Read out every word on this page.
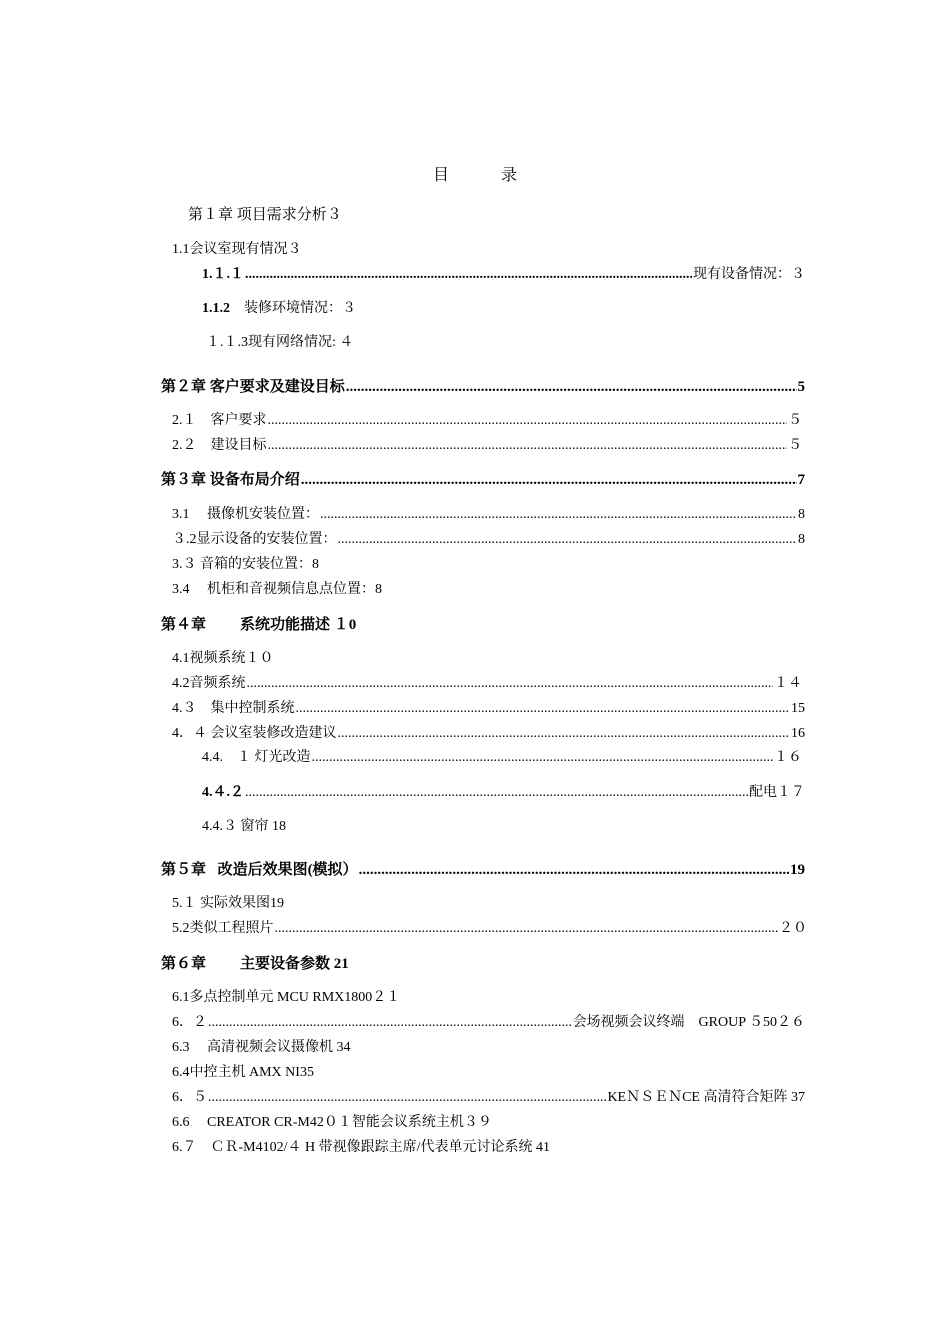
目	录
第１章 项目需求分析３
1.1会议室现有情况３
1.１.１ .....	现有设备情况：３
1.1.2 装修环境情况：３
１.１.3现有网络情况: ４
第２章 客户要求及建设目标 .....	5
2.１　客户要求 .....	５
2.２　建设目标 .....	５
第３章 设备布局介绍 .....	7
3.1　 摄像机安装位置： .....	8
３.2显示设备的安装位置： .....	8
3.３ 音箱的安装位置：8
3.4　 机柜和音视频信息点位置：8
第４章 系统功能描述 １0
4.1视频系统１０
4.2音频系统 .....	１４
4.３　集中控制系统 .....	15
4．４ 会议室装修改造建议 .....	16
4.4.　１ 灯光改造 .....	１６
4.４.２ .....	配电１７
4.4.３ 窗帘 18
第５章 改造后效果图(模拟） .....	19
5.１ 实际效果图19
5.2类似工程照片 .....	２０
第６章 主要设备参数 21
6.1多点控制单元 MCU RMX1800２１
6．２ .....	会场视频会议终端　GROUP ５50２６
6.3　 高清视频会议摄像机 34
6.4中控主机 AMX NI35
6．５ .....	KEＮＳＥＮCE 高清符合矩阵 37
6.6　 CREATOR CR-M42０１智能会议系统主机３９
6.７　ＣＲ-M4102/４ H 带视像跟踪主席/代表单元讨论系统 41
